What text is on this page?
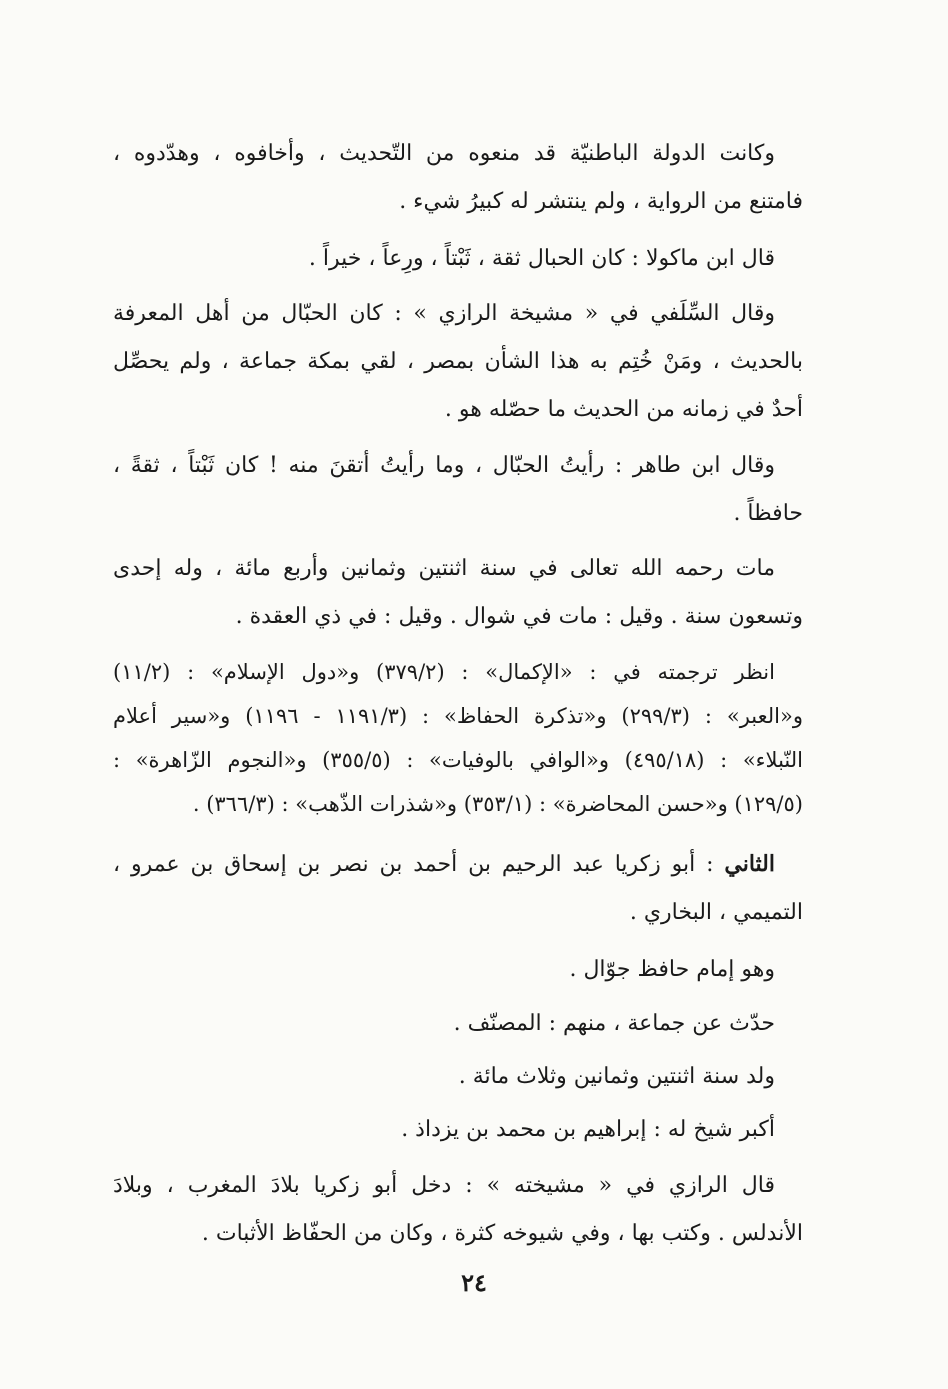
وكانت الدولة الباطنيّة قد منعوه من التّحديث ، وأخافوه ، وهدّدوه ،
فامتنع من الرواية ، ولم ينتشر له كبيرُ شيء .
قال ابن ماكولا : كان الحبال ثقة ، ثَبْتاً ، ورِعاً ، خيراً .
وقال السِّلَفي في « مشيخة الرازي » : كان الحبّال من أهل المعرفة
بالحديث ، ومَنْ خُتِم به هذا الشأن بمصر ، لقي بمكة جماعة ، ولم يحصِّل
أحدٌ في زمانه من الحديث ما حصّله هو .
وقال ابن طاهر : رأيتُ الحبّال ، وما رأيتُ أتقنَ منه ! كان ثَبْتاً ، ثقةً ،
حافظاً .
مات رحمه الله تعالى في سنة اثنتين وثمانين وأربع مائة ، وله إحدى
وتسعون سنة . وقيل : مات في شوال . وقيل : في ذي العقدة .
انظر ترجمته في : «الإكمال» : (٣٧٩/٢) و«دول الإسلام» : (١١/٢)
و«العبر» : (٢٩٩/٣) و«تذكرة الحفاظ» : (١١٩١/٣ - ١١٩٦) و«سير أعلام
النّبلاء» : (٤٩٥/١٨) و«الوافي بالوفيات» : (٣٥٥/٥) و«النجوم الزّاهرة» :
(١٢٩/٥) و«حسن المحاضرة» : (٣٥٣/١) و«شذرات الذّهب» : (٣٦٦/٣) .
الثاني : أبو زكريا عبد الرحيم بن أحمد بن نصر بن إسحاق بن عمرو ،
التميمي ، البخاري .
وهو إمام حافظ جوّال .
حدّث عن جماعة ، منهم : المصنّف .
ولد سنة اثنتين وثمانين وثلاث مائة .
أكبر شيخ له : إبراهيم بن محمد بن يزداذ .
قال الرازي في « مشيخته » : دخل أبو زكريا بلادَ المغرب ، وبلادَ
الأندلس . وكتب بها ، وفي شيوخه كثرة ، وكان من الحفّاظ الأثبات .
٢٤
